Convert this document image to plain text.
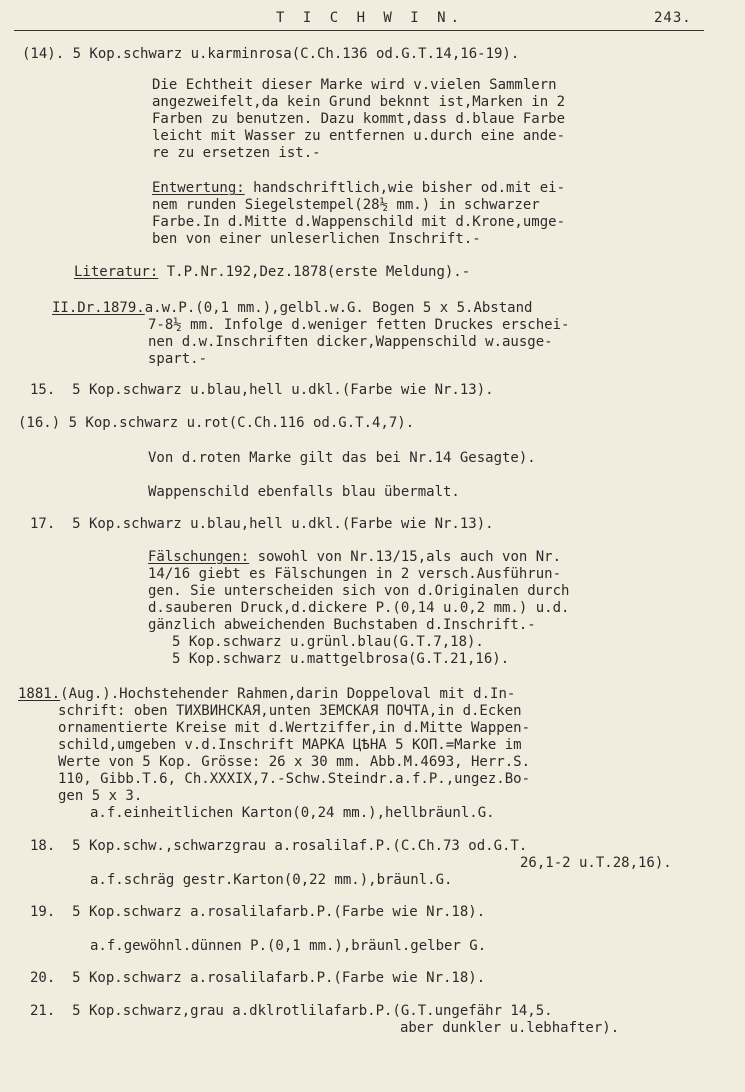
T I C H W I N.	243.
(14). 5 Kop.schwarz u.karminrosa(C.Ch.136 od.G.T.14,16-19).
Die Echtheit dieser Marke wird v.vielen Sammlern
angezweifelt,da kein Grund beknnt ist,Marken in 2
Farben zu benutzen. Dazu kommt,dass d.blaue Farbe
leicht mit Wasser zu entfernen u.durch eine ande-
re zu ersetzen ist.-
Entwertung: handschriftlich,wie bisher od.mit ei-
nem runden Siegelstempel(28½ mm.) in schwarzer
Farbe.In d.Mitte d.Wappenschild mit d.Krone,umge-
ben von einer unleserlichen Inschrift.-
Literatur: T.P.Nr.192,Dez.1878(erste Meldung).-
II.Dr.1879.a.w.P.(0,1 mm.),gelbl.w.G. Bogen 5 x 5.Abstand
7-8½ mm. Infolge d.weniger fetten Druckes erschei-
nen d.w.Inschriften dicker,Wappenschild w.ausge-
spart.-
15.  5 Kop.schwarz u.blau,hell u.dkl.(Farbe wie Nr.13).
(16.) 5 Kop.schwarz u.rot(C.Ch.116 od.G.T.4,7).
Von d.roten Marke gilt das bei Nr.14 Gesagte).
Wappenschild ebenfalls blau übermalt.
17.  5 Kop.schwarz u.blau,hell u.dkl.(Farbe wie Nr.13).
Fälschungen: sowohl von Nr.13/15,als auch von Nr.
14/16 giebt es Fälschungen in 2 versch.Ausführun-
gen. Sie unterscheiden sich von d.Originalen durch
d.sauberen Druck,d.dickere P.(0,14 u.0,2 mm.) u.d.
gänzlich abweichenden Buchstaben d.Inschrift.-
5 Kop.schwarz u.grünl.blau(G.T.7,18).
5 Kop.schwarz u.mattgelbrosa(G.T.21,16).
1881.(Aug.).Hochstehender Rahmen,darin Doppeloval mit d.In-
schrift: oben ТИХВИНСКАЯ,unten ЗЕМСКАЯ ПОЧТА,in d.Ecken
ornamentierte Kreise mit d.Wertziffer,in d.Mitte Wappen-
schild,umgeben v.d.Inschrift МАРКА ЦѢНА 5 КОП.=Marke im
Werte von 5 Kop. Grösse: 26 x 30 mm. Abb.M.4693, Herr.S.
110, Gibb.T.6, Ch.XXXIX,7.-Schw.Steindr.a.f.P.,ungez.Bo-
gen 5 x 3.
a.f.einheitlichen Karton(0,24 mm.),hellbräunl.G.
18.  5 Kop.schw.,schwarzgrau a.rosalilaf.P.(C.Ch.73 od.G.T.
26,1-2 u.T.28,16).
a.f.schräg gestr.Karton(0,22 mm.),bräunl.G.
19.  5 Kop.schwarz a.rosalilafarb.P.(Farbe wie Nr.18).
a.f.gewöhnl.dünnen P.(0,1 mm.),bräunl.gelber G.
20.  5 Kop.schwarz a.rosalilafarb.P.(Farbe wie Nr.18).
21.  5 Kop.schwarz,grau a.dklrotlilafarb.P.(G.T.ungefähr 14,5.
aber dunkler u.lebhafter).
